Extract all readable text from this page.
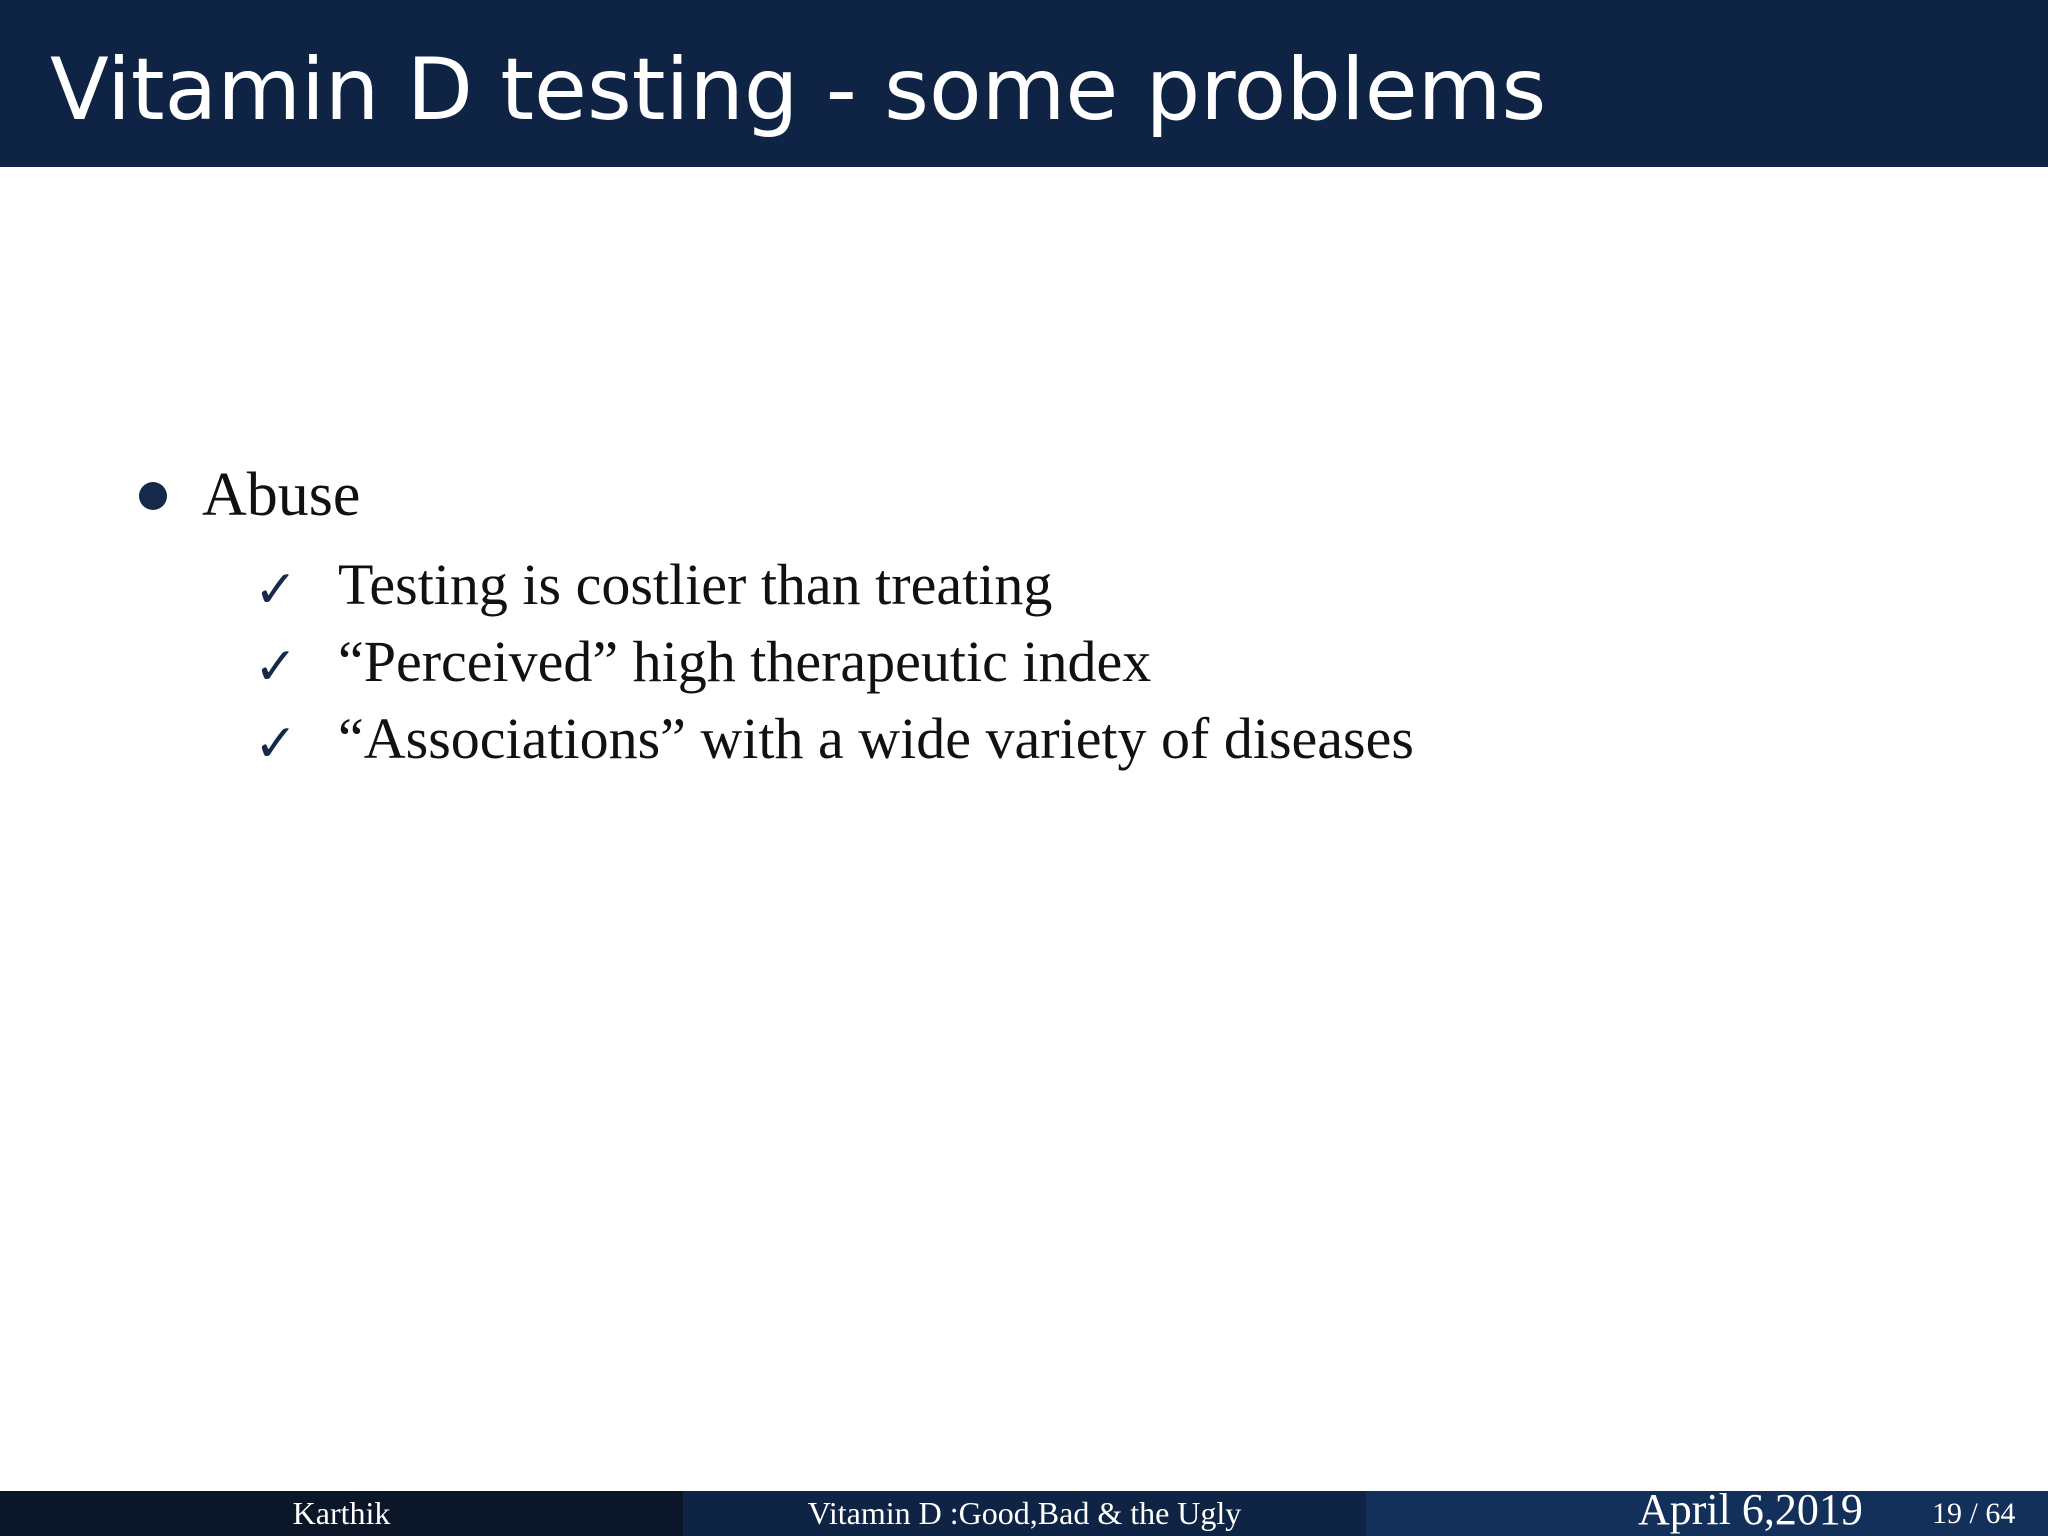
Vitamin D testing - some problems
Abuse
✓ Testing is costlier than treating
✓ “Perceived” high therapeutic index
✓ “Associations” with a wide variety of diseases
Karthik	Vitamin D :Good,Bad & the Ugly	April 6,2019 19 / 64
